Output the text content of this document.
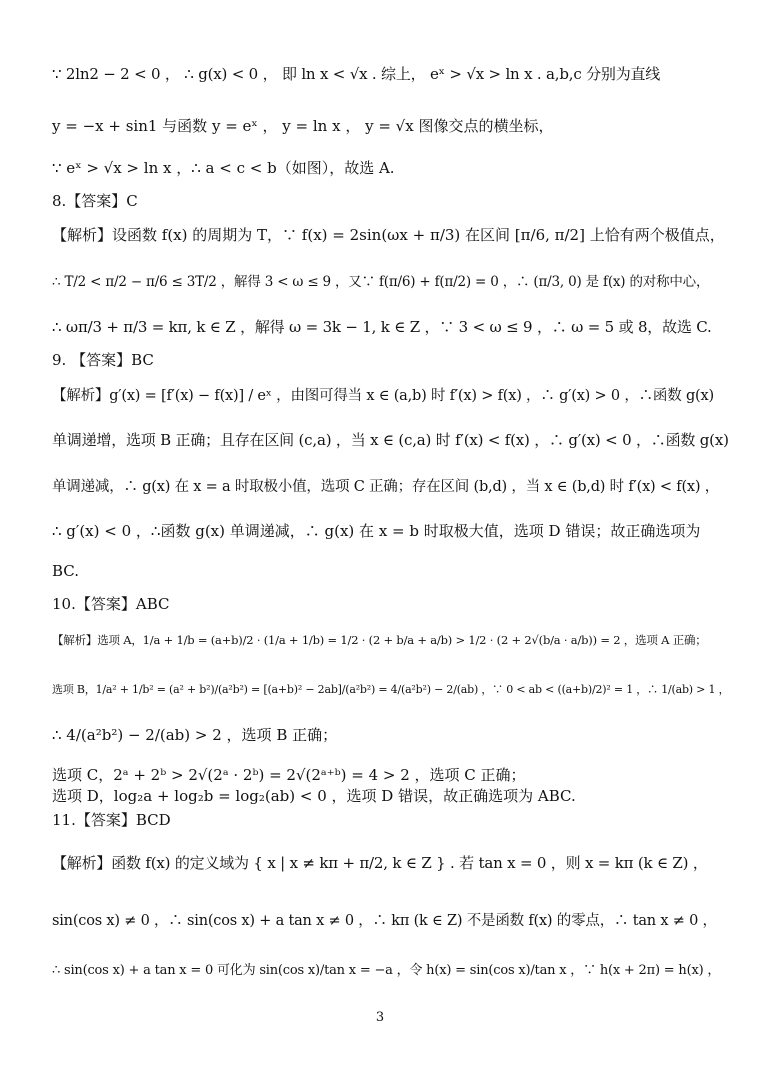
∵ 2ln2 − 2 < 0 ， ∴ g(x) < 0 ， 即 ln x < √x . 综上， eˣ > √x > ln x . a,b,c 分别为直线
y = −x + sin1 与函数 y = eˣ ， y = ln x ， y = √x 图像交点的横坐标，
∵ eˣ > √x > ln x ，∴ a < c < b（如图），故选 A.
8.【答案】C
【解析】设函数 f(x) 的周期为 T，∵ f(x) = 2sin(ωx + π/3) 在区间 [π/6, π/2] 上恰有两个极值点，
∴ T/2 < π/2 − π/6 ≤ 3T/2 ，解得 3 < ω ≤ 9 ，又∵ f(π/6) + f(π/2) = 0 ，∴ (π/3, 0) 是 f(x) 的对称中心，
∴ ωπ/3 + π/3 = kπ, k ∈ Z ，解得 ω = 3k − 1, k ∈ Z ，∵ 3 < ω ≤ 9 ，∴ ω = 5 或 8，故选 C.
9. 【答案】BC
【解析】g′(x) = [f′(x) − f(x)] / eˣ ，由图可得当 x ∈ (a,b) 时 f′(x) > f(x) ，∴ g′(x) > 0 ，∴函数 g(x)
单调递增，选项 B 正确；且存在区间 (c,a) ，当 x ∈ (c,a) 时 f′(x) < f(x) ，∴ g′(x) < 0 ，∴函数 g(x)
单调递减，∴ g(x) 在 x = a 时取极小值，选项 C 正确；存在区间 (b,d) ，当 x ∈ (b,d) 时 f′(x) < f(x) ，
∴ g′(x) < 0 ，∴函数 g(x) 单调递减，∴ g(x) 在 x = b 时取极大值，选项 D 错误；故正确选项为
BC.
10.【答案】ABC
【解析】选项 A，1/a + 1/b = (a+b)/2 · (1/a + 1/b) = 1/2 · (2 + b/a + a/b) > 1/2 · (2 + 2√(b/a · a/b)) = 2 ，选项 A 正确；
选项 B，1/a² + 1/b² = (a² + b²)/(a²b²) = [(a+b)² − 2ab]/(a²b²) = 4/(a²b²) − 2/(ab) ，∵ 0 < ab < ((a+b)/2)² = 1 ，∴ 1/(ab) > 1 ，
∴ 4/(a²b²) − 2/(ab) > 2 ，选项 B 正确；
选项 C，2ᵃ + 2ᵇ > 2√(2ᵃ · 2ᵇ) = 2√(2ᵃ⁺ᵇ) = 4 > 2 ，选项 C 正确；
选项 D，log₂a + log₂b = log₂(ab) < 0 ，选项 D 错误，故正确选项为 ABC.
11.【答案】BCD
【解析】函数 f(x) 的定义域为 { x | x ≠ kπ + π/2, k ∈ Z } . 若 tan x = 0 ，则 x = kπ (k ∈ Z) ，
sin(cos x) ≠ 0 ，∴ sin(cos x) + a tan x ≠ 0 ，∴ kπ (k ∈ Z) 不是函数 f(x) 的零点，∴ tan x ≠ 0 ，
∴ sin(cos x) + a tan x = 0 可化为 sin(cos x)/tan x = −a ，令 h(x) = sin(cos x)/tan x ，∵ h(x + 2π) = h(x) ，
3
